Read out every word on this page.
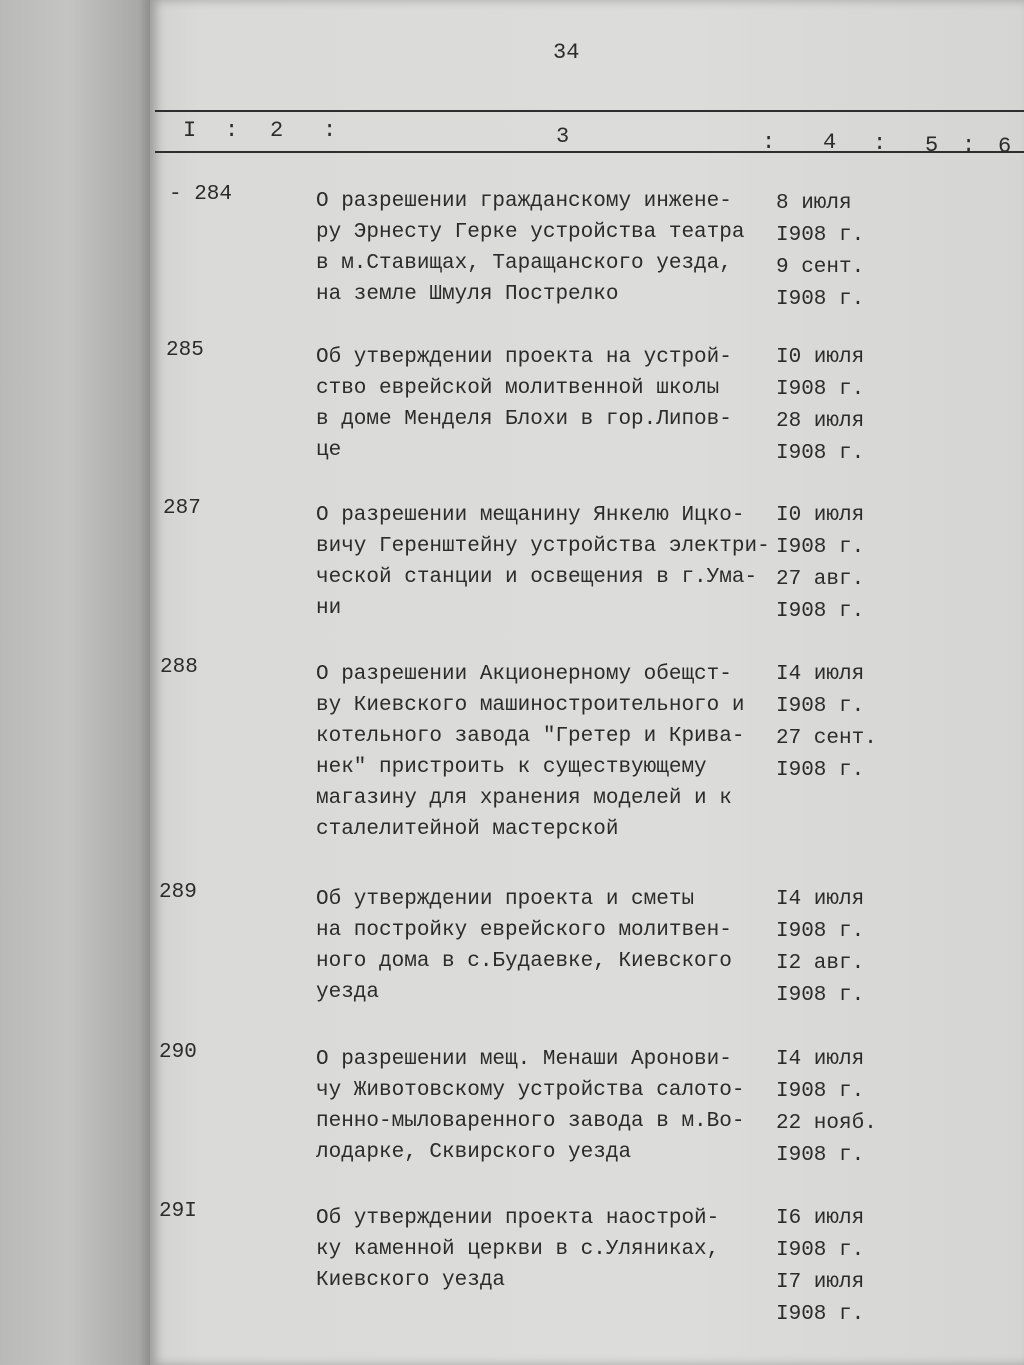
34
I : 2 :	3	: 4 : 5 : 6
- 284	О разрешении гражданскому инжене-
ру Эрнесту Герке устройства театра
в м.Ставищах, Таращанского уезда,
на земле Шмуля Пострелко
8 июля
I908 г.
9 сент.
I908 г.
285	Об утверждении проекта на устрой-
ство еврейской молитвенной школы
в доме Менделя Блохи в гор.Липов-
це
I0 июля
I908 г.
28 июля
I908 г.
287	О разрешении мещанину Янкелю Ицко-
вичу Геренштейну устройства электри-
ческой станции и освещения в г.Ума-
ни
I0 июля
I908 г.
27 авг.
I908 г.
288	О разрешении Акционерному обещст-
ву Киевского машиностроительного и
котельного завода "Гретер и Крива-
нек" пристроить к существующему
магазину для хранения моделей и к
сталелитейной мастерской
I4 июля
I908 г.
27 сент.
I908 г.
289	Об утверждении проекта и сметы
на постройку еврейского молитвен-
ного дома в с.Будаевке, Киевского
уезда
I4 июля
I908 г.
I2 авг.
I908 г.
290	О разрешении мещ. Менаши Аронови-
чу Животовскому устройства салото-
пенно-мыловаренного завода в м.Во-
лодарке, Сквирского уезда
I4 июля
I908 г.
22 нояб.
I908 г.
29I	Об утверждении проекта наострой-
ку каменной церкви в с.Уляниках,
Киевского уезда
I6 июля
I908 г.
I7 июля
I908 г.
